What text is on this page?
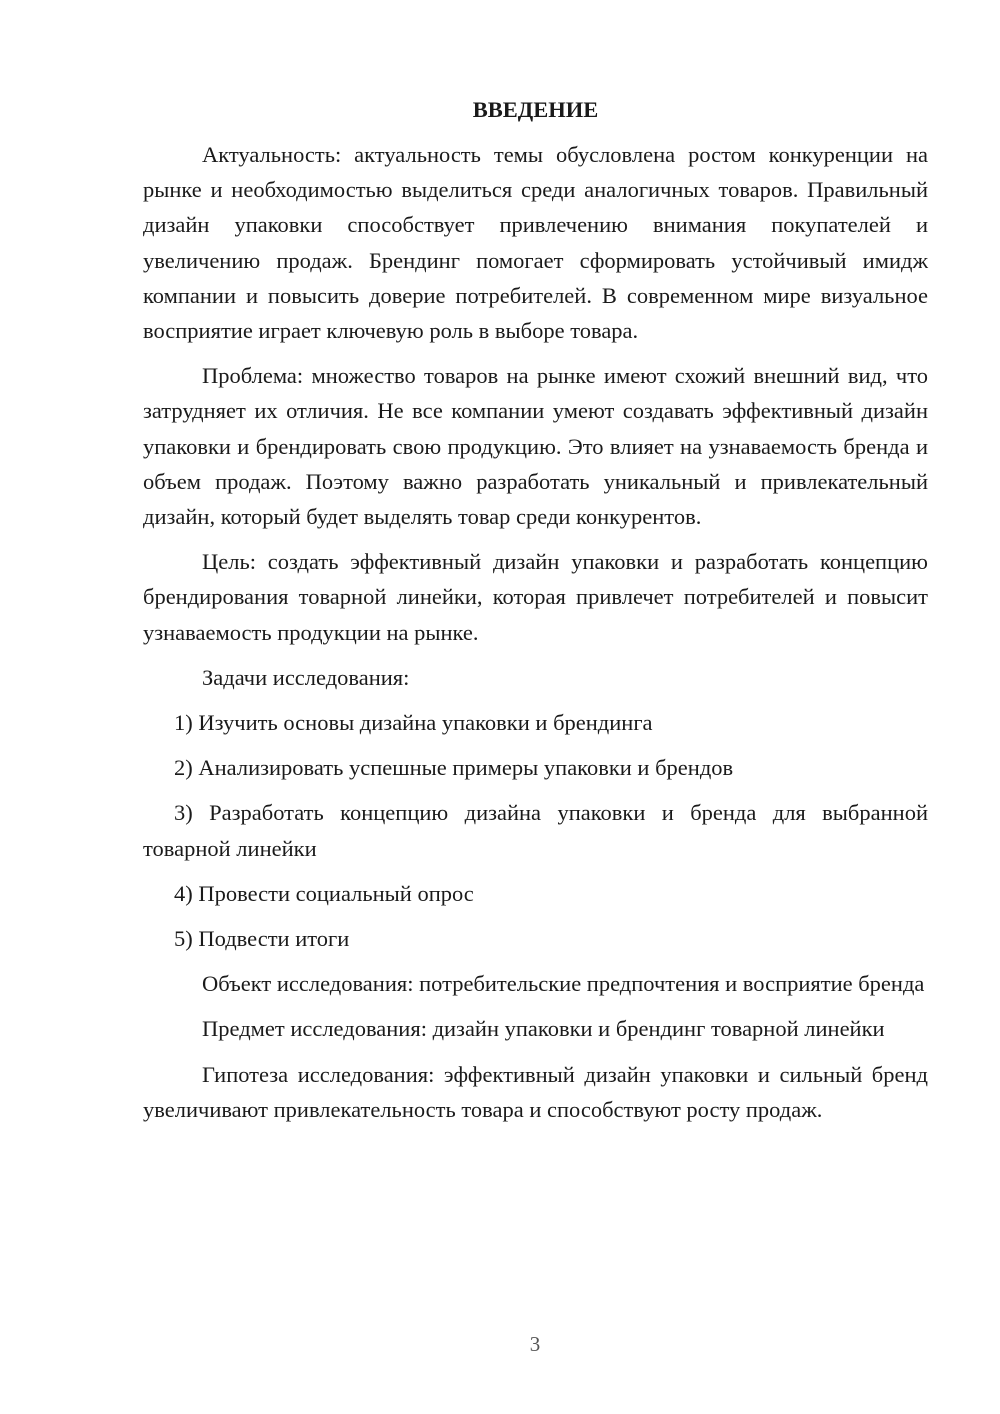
ВВЕДЕНИЕ

Актуальность: актуальность темы обусловлена ростом конкуренции на рынке и необходимостью выделиться среди аналогичных товаров. Правильный дизайн упаковки способствует привлечению внимания покупателей и увеличению продаж. Брендинг помогает сформировать устойчивый имидж компании и повысить доверие потребителей. В современном мире визуальное восприятие играет ключевую роль в выборе товара.

Проблема: множество товаров на рынке имеют схожий внешний вид, что затрудняет их отличия. Не все компании умеют создавать эффективный дизайн упаковки и брендировать свою продукцию. Это влияет на узнаваемость бренда и объем продаж. Поэтому важно разработать уникальный и привлекательный дизайн, который будет выделять товар среди конкурентов.

Цель: создать эффективный дизайн упаковки и разработать концепцию брендирования товарной линейки, которая привлечет потребителей и повысит узнаваемость продукции на рынке.

Задачи исследования:

1) Изучить основы дизайна упаковки и брендинга

2) Анализировать успешные примеры упаковки и брендов

3) Разработать концепцию дизайна упаковки и бренда для выбранной товарной линейки

4) Провести социальный опрос

5) Подвести итоги

Объект исследования: потребительские предпочтения и восприятие бренда

Предмет исследования: дизайн упаковки и брендинг товарной линейки

Гипотеза исследования: эффективный дизайн упаковки и сильный бренд увеличивают привлекательность товара и способствуют росту продаж.

3
